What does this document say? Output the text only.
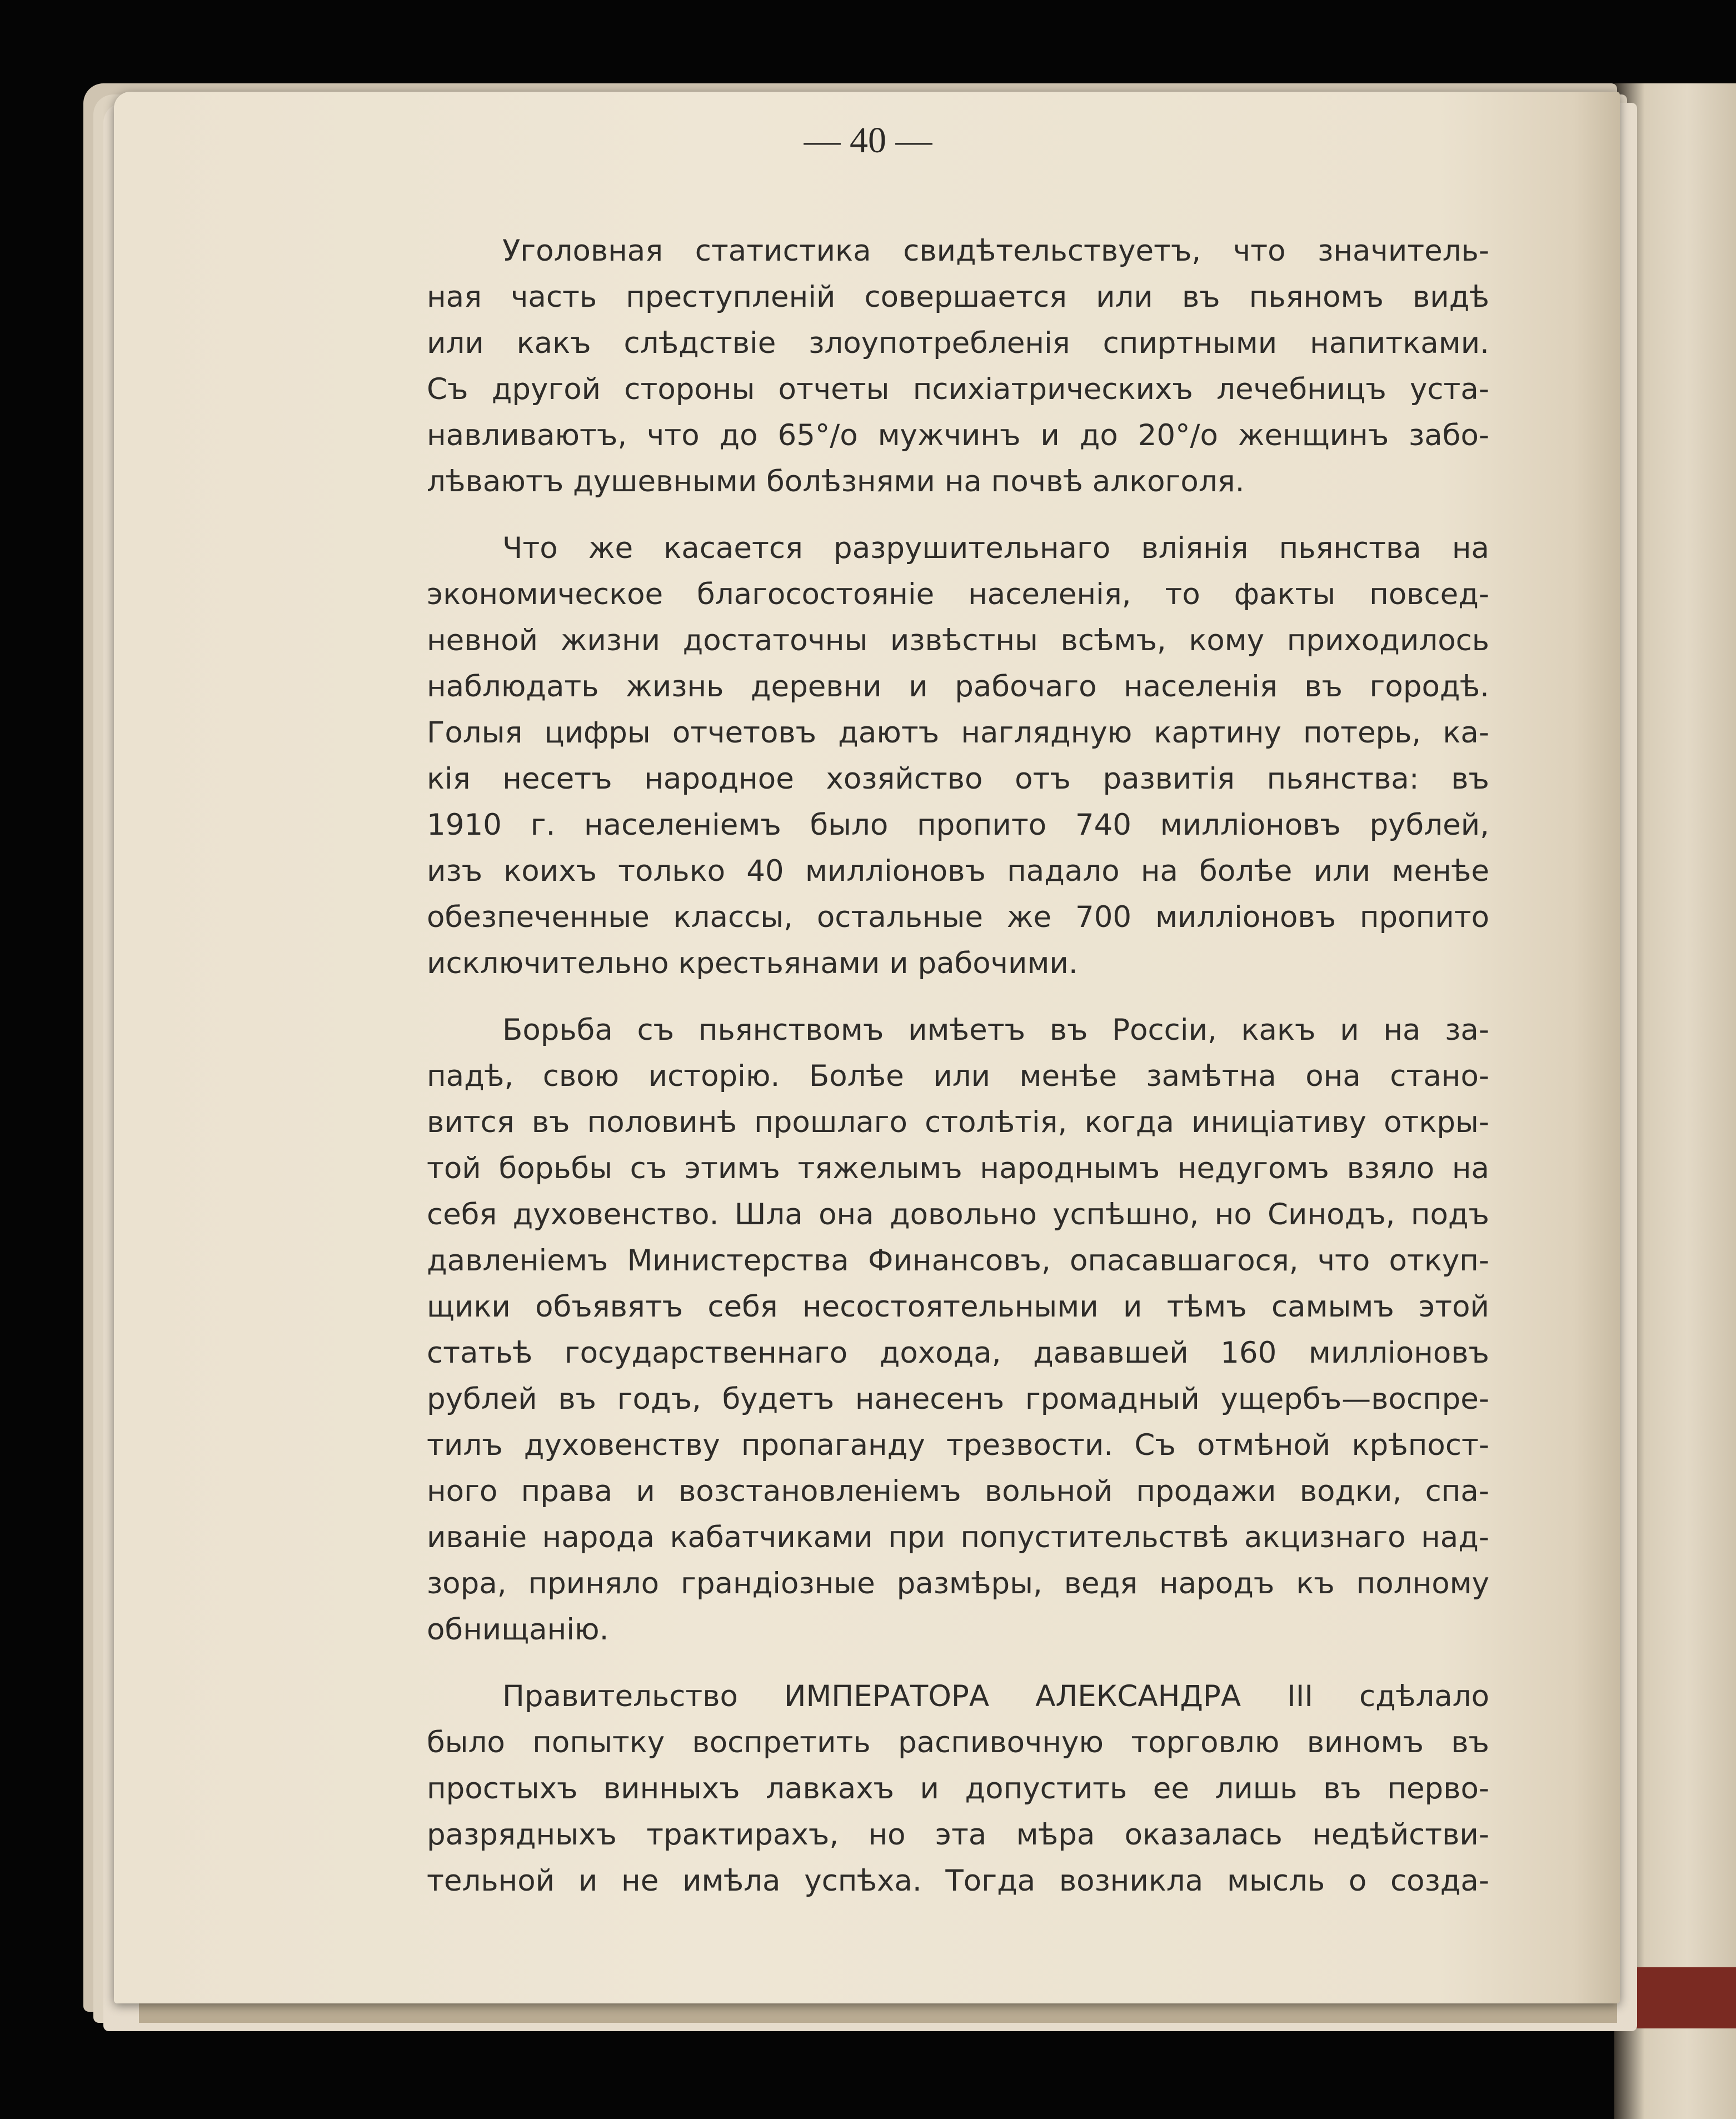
— 40 —

Уголовная статистика свидѣтельствуетъ, что значитель-
ная часть преступленій совершается или въ пьяномъ видѣ
или какъ слѣдствіе злоупотребленія спиртными напитками.
Съ другой стороны отчеты психіатрическихъ лечебницъ уста-
навливаютъ, что до 65°/о мужчинъ и до 20°/о женщинъ забо-
лѣваютъ душевными болѣзнями на почвѣ алкоголя.
Что же касается разрушительнаго вліянія пьянства на
экономическое благосостояніе населенія, то факты повсед-
невной жизни достаточны извѣстны всѣмъ, кому приходилось
наблюдать жизнь деревни и рабочаго населенія въ городѣ.
Голыя цифры отчетовъ даютъ наглядную картину потерь, ка-
кія несетъ народное хозяйство отъ развитія пьянства: въ
1910 г. населеніемъ было пропито 740 милліоновъ рублей,
изъ коихъ только 40 милліоновъ падало на болѣе или менѣе
обезпеченные классы, остальные же 700 милліоновъ пропито
исключительно крестьянами и рабочими.
Борьба съ пьянствомъ имѣетъ въ Россіи, какъ и на за-
падѣ, свою исторію. Болѣе или менѣе замѣтна она стано-
вится въ половинѣ прошлаго столѣтія, когда иниціативу откры-
той борьбы съ этимъ тяжелымъ народнымъ недугомъ взяло на
себя духовенство. Шла она довольно успѣшно, но Синодъ, подъ
давленіемъ Министерства Финансовъ, опасавшагося, что откуп-
щики объявятъ себя несостоятельными и тѣмъ самымъ этой
статьѣ государственнаго дохода, дававшей 160 милліоновъ
рублей въ годъ, будетъ нанесенъ громадный ущербъ—воспре-
тилъ духовенству пропаганду трезвости. Съ отмѣной крѣпост-
ного права и возстановленіемъ вольной продажи водки, спа-
иваніе народа кабатчиками при попустительствѣ акцизнаго над-
зора, приняло грандіозные размѣры, ведя народъ къ полному
обнищанію.
Правительство ИМПЕРАТОРА АЛЕКСАНДРА III сдѣлало
было попытку воспретить распивочную торговлю виномъ въ
простыхъ винныхъ лавкахъ и допустить ее лишь въ перво-
разрядныхъ трактирахъ, но эта мѣра оказалась недѣйстви-
тельной и не имѣла успѣха. Тогда возникла мысль о созда-
